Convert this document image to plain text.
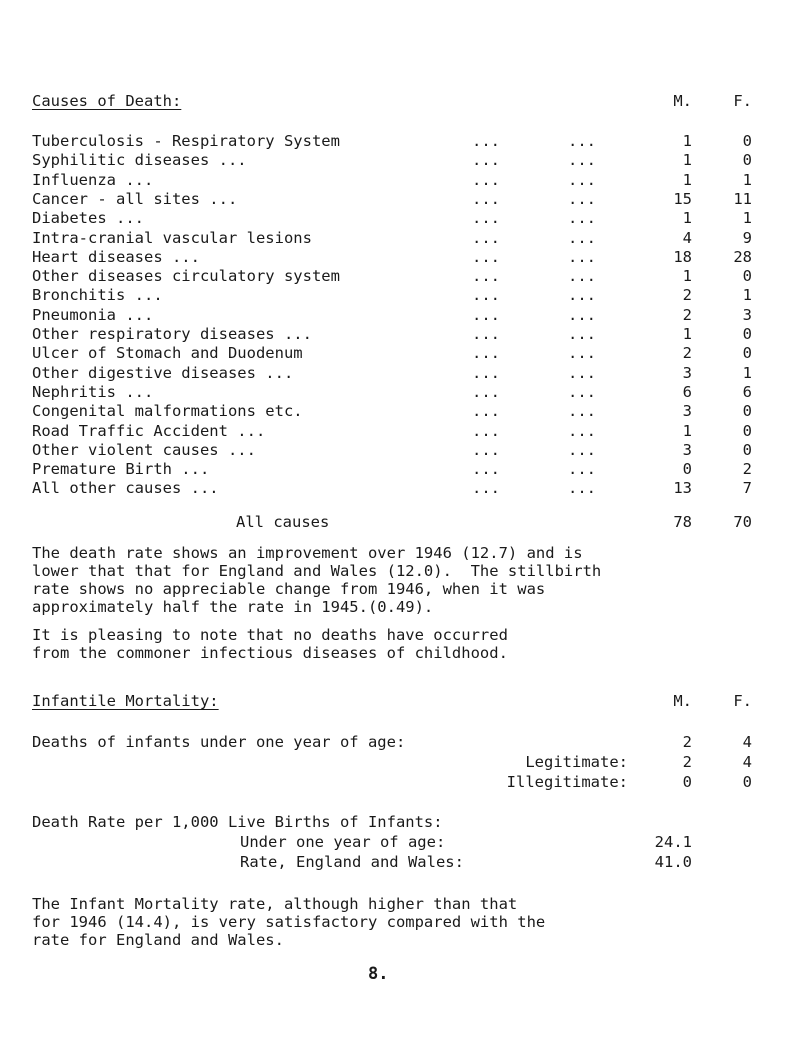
Causes of Death:	M.	F.
Tuberculosis - Respiratory System	...	...	1	0
Syphilitic diseases ...	...	...	1	0
Influenza ...	...	...	1	1
Cancer - all sites ...	...	...	15	11
Diabetes ...	...	...	1	1
Intra-cranial vascular lesions	...	...	4	9
Heart diseases ...	...	...	18	28
Other diseases circulatory system	...	...	1	0
Bronchitis ...	...	...	2	1
Pneumonia ...	...	...	2	3
Other respiratory diseases ...	...	...	1	0
Ulcer of Stomach and Duodenum	...	...	2	0
Other digestive diseases ...	...	...	3	1
Nephritis ...	...	...	6	6
Congenital malformations etc.	...	...	3	0
Road Traffic Accident ...	...	...	1	0
Other violent causes ...	...	...	3	0
Premature Birth ...	...	...	0	2
All other causes ...	...	...	13	7
All causes	78	70
The death rate shows an improvement over 1946 (12.7) and is
lower that that for England and Wales (12.0).  The stillbirth
rate shows no appreciable change from 1946, when it was
approximately half the rate in 1945.(0.49).
It is pleasing to note that no deaths have occurred
from the commoner infectious diseases of childhood.
Infantile Mortality:	M.	F.
Deaths of infants under one year of age:	2	4
Legitimate:	2	4
Illegitimate:	0	0
Death Rate per 1,000 Live Births of Infants:
Under one year of age:	24.1
Rate, England and Wales:	41.0
The Infant Mortality rate, although higher than that
for 1946 (14.4), is very satisfactory compared with the
rate for England and Wales.
8.
